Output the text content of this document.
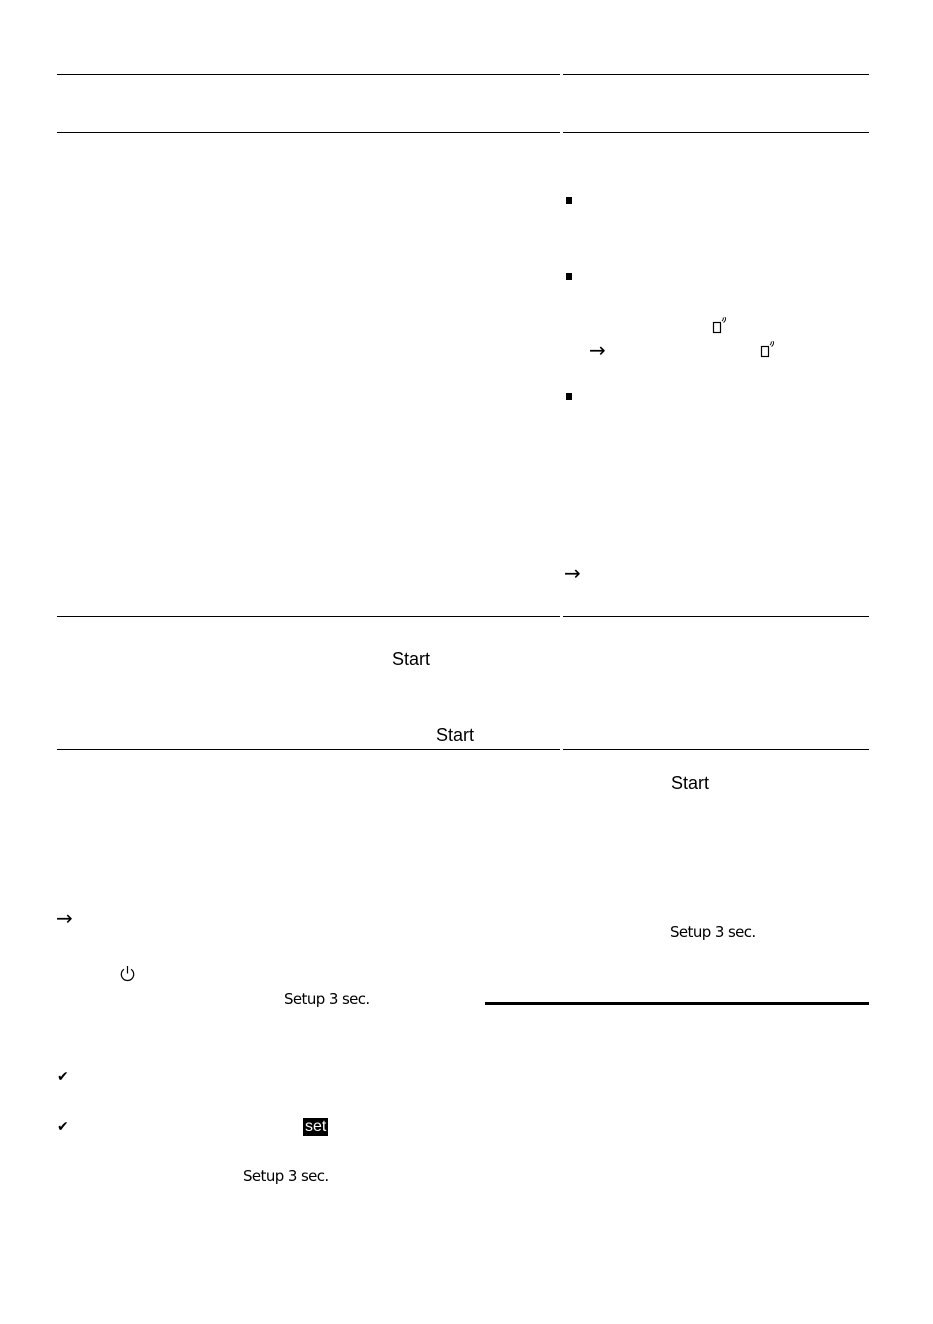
→
→
Start
Start
Start
Setup 3 sec.
→
Setup 3 sec.
✔
✔	set
Setup 3 sec.
